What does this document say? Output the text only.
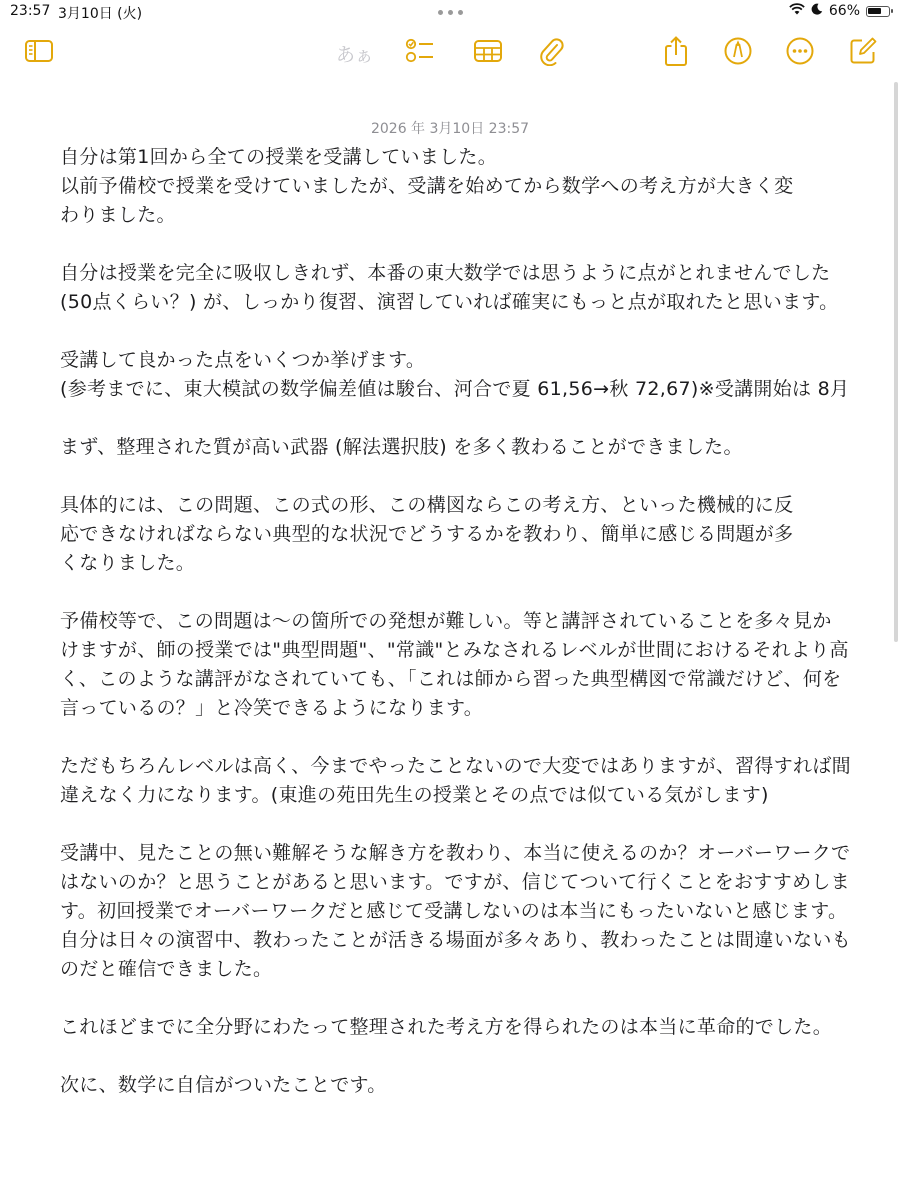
23:57 3月10日 (火)	66%
あぁ
2026 年 3月10日 23:57
自分は第1回から全ての授業を受講していました。
以前予備校で授業を受けていましたが、受講を始めてから数学への考え方が大きく変
わりました。
自分は授業を完全に吸収しきれず、本番の東大数学では思うように点がとれませんでした
(50点くらい？) が、しっかり復習、演習していれば確実にもっと点が取れたと思います。
受講して良かった点をいくつか挙げます。
(参考までに、東大模試の数学偏差値は駿台、河合で夏 61,56→秋 72,67)※受講開始は 8月
まず、整理された質が高い武器 (解法選択肢) を多く教わることができました。
具体的には、この問題、この式の形、この構図ならこの考え方、といった機械的に反
応できなければならない典型的な状況でどうするかを教わり、簡単に感じる問題が多
くなりました。
予備校等で、この問題は〜の箇所での発想が難しい。等と講評されていることを多々見か
けますが、師の授業では"典型問題"、"常識"とみなされるレベルが世間におけるそれより高
く、このような講評がなされていても、「これは師から習った典型構図で常識だけど、何を
言っているの？」と冷笑できるようになります。
ただもちろんレベルは高く、今までやったことないので大変ではありますが、習得すれば間
違えなく力になります。(東進の苑田先生の授業とその点では似ている気がします)
受講中、見たことの無い難解そうな解き方を教わり、本当に使えるのか？オーバーワークで
はないのか？と思うことがあると思います。ですが、信じてついて行くことをおすすめしま
す。初回授業でオーバーワークだと感じて受講しないのは本当にもったいないと感じます。
自分は日々の演習中、教わったことが活きる場面が多々あり、教わったことは間違いないも
のだと確信できました。
これほどまでに全分野にわたって整理された考え方を得られたのは本当に革命的でした。
次に、数学に自信がついたことです。
